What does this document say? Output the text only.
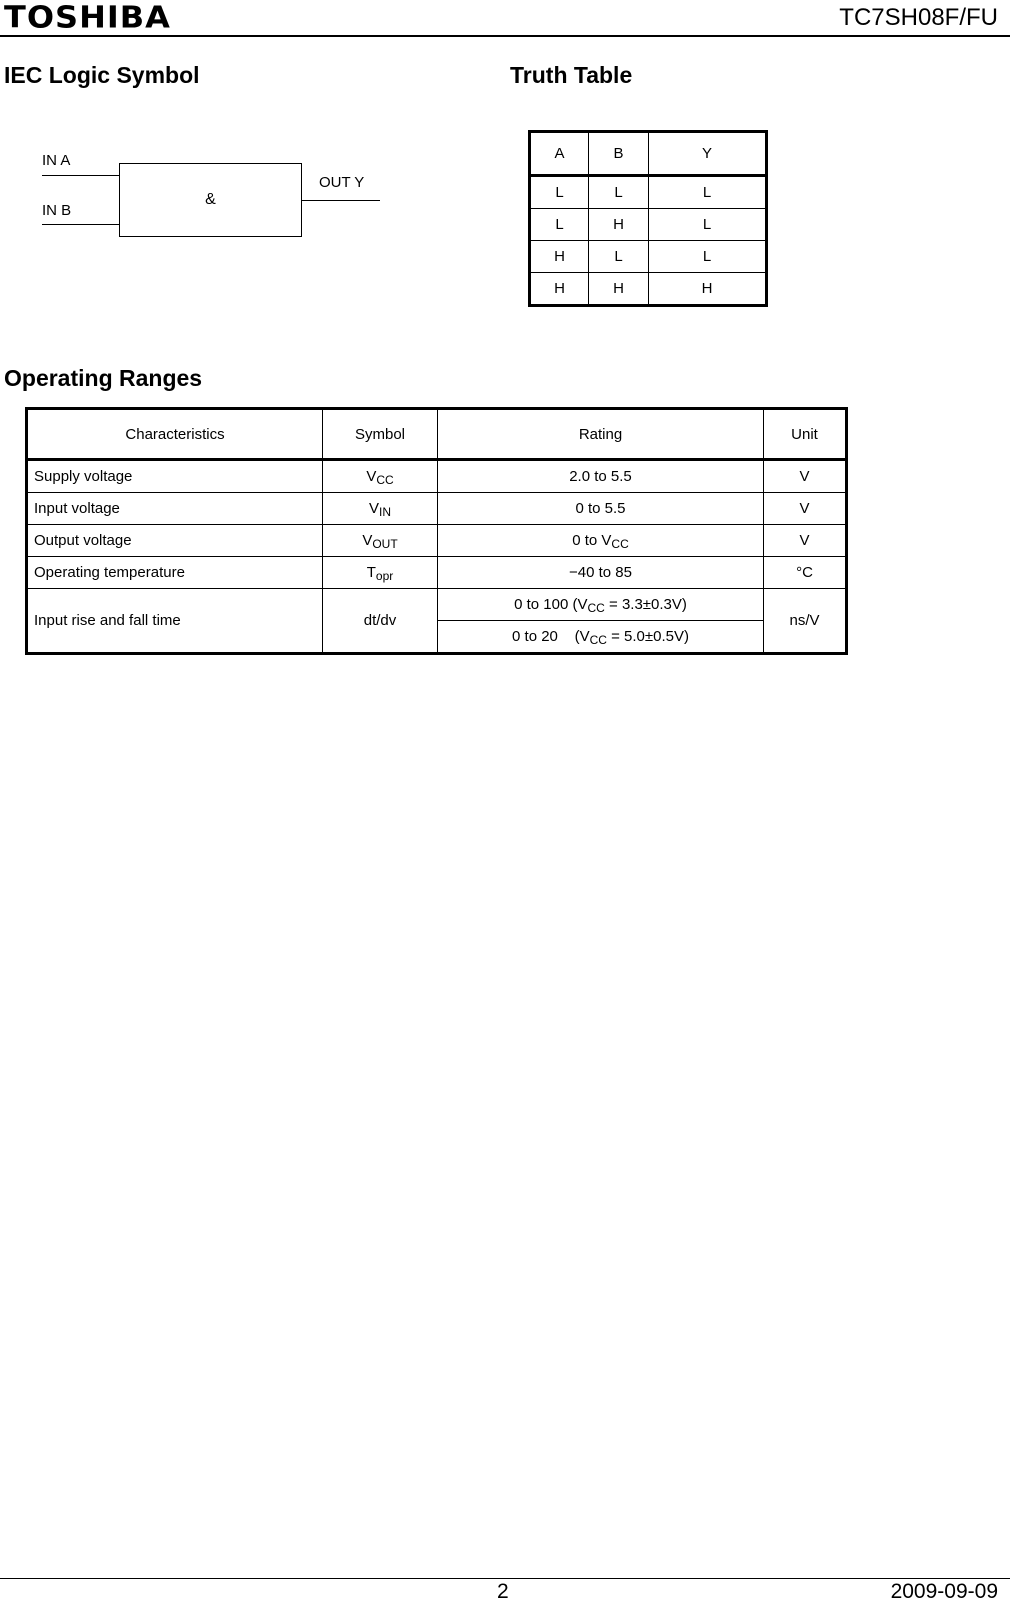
TOSHIBA	TC7SH08F/FU
IEC Logic Symbol	Truth Table
IN A
IN B
&
OUT Y
A	B	Y
L	L	L
L	H	L
H	L	L
H	H	H
Operating Ranges
Characteristics	Symbol	Rating	Unit
Supply voltage	$V_{CC}$	2.0 to 5.5	V
Input voltage	$V_{IN}$	0 to 5.5	V
Output voltage	$V_{OUT}$	0 to $V_{CC}$	V
Operating temperature	$T_{opr}$	−40 to 85	°C
Input rise and fall time	dt/dv	0 to 100 $(V_{CC} = 3.3\pm 0.3V)$	ns/V
		0 to 20    $(V_{CC} = 5.0\pm 0.5V)$	
2	2009-09-09
